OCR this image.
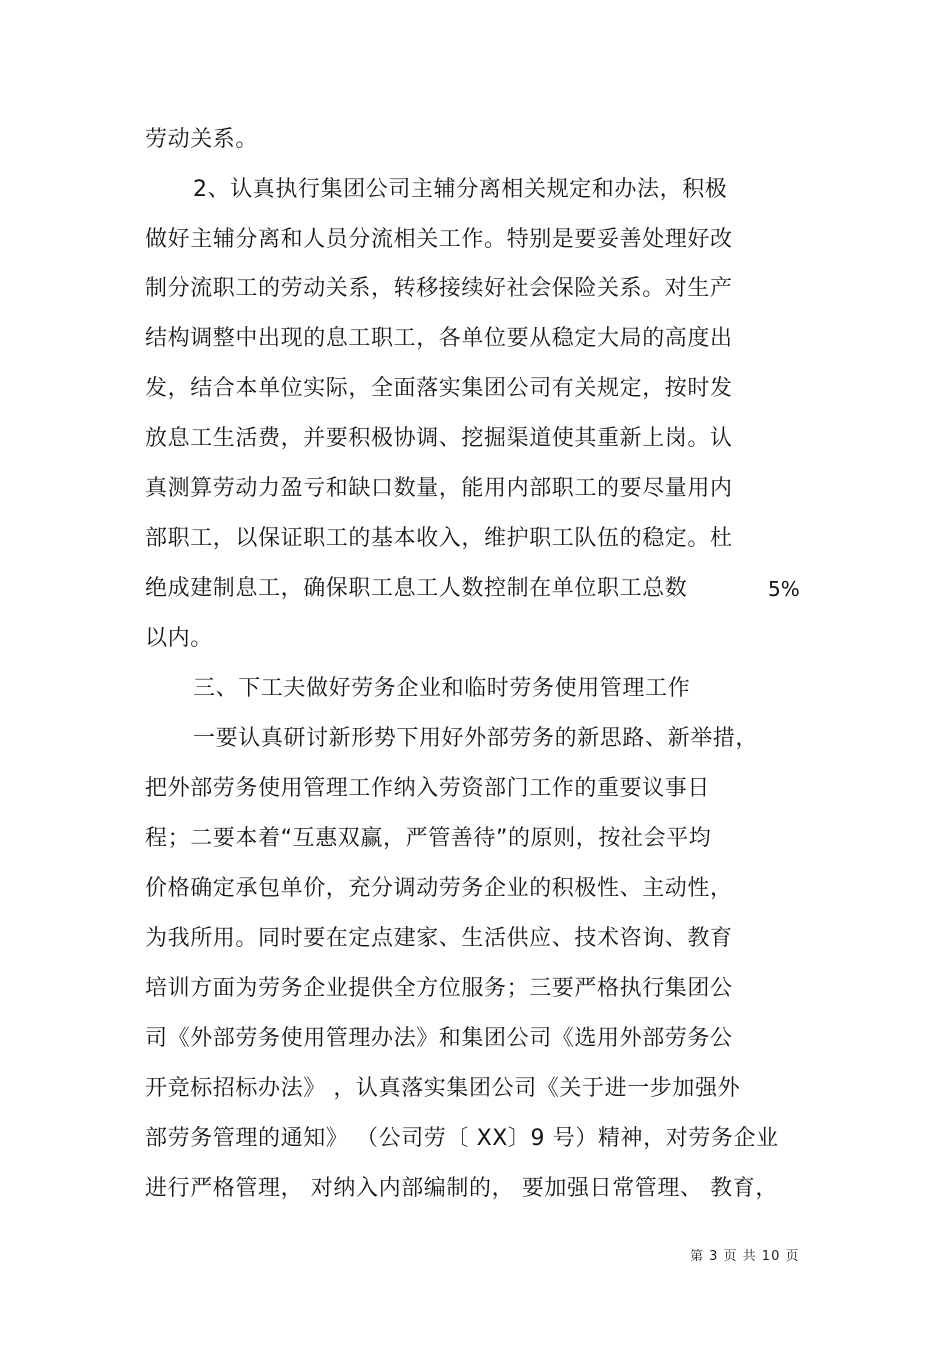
劳动关系。

2、认真执行集团公司主辅分离相关规定和办法，积极

做好主辅分离和人员分流相关工作。特别是要妥善处理好改

制分流职工的劳动关系，转移接续好社会保险关系。对生产

结构调整中出现的息工职工，各单位要从稳定大局的高度出

发，结合本单位实际，全面落实集团公司有关规定，按时发

放息工生活费，并要积极协调、挖掘渠道使其重新上岗。认

真测算劳动力盈亏和缺口数量，能用内部职工的要尽量用内

部职工，以保证职工的基本收入，维护职工队伍的稳定。杜

绝成建制息工，确保职工息工人数控制在单位职工总数	5%

以内。

三、下工夫做好劳务企业和临时劳务使用管理工作

一要认真研讨新形势下用好外部劳务的新思路、新举措，

把外部劳务使用管理工作纳入劳资部门工作的重要议事日

程；二要本着“互惠双赢，严管善待”的原则，按社会平均

价格确定承包单价，充分调动劳务企业的积极性、主动性，

为我所用。同时要在定点建家、生活供应、技术咨询、教育

培训方面为劳务企业提供全方位服务；三要严格执行集团公

司《外部劳务使用管理办法》和集团公司《选用外部劳务公

开竞标招标办法》 ，认真落实集团公司《关于进一步加强外

部劳务管理的通知》 （公司劳〔 XX〕9 号）精神，对劳务企业

进行严格管理， 对纳入内部编制的， 要加强日常管理、 教育，

第 3 页 共 10 页
